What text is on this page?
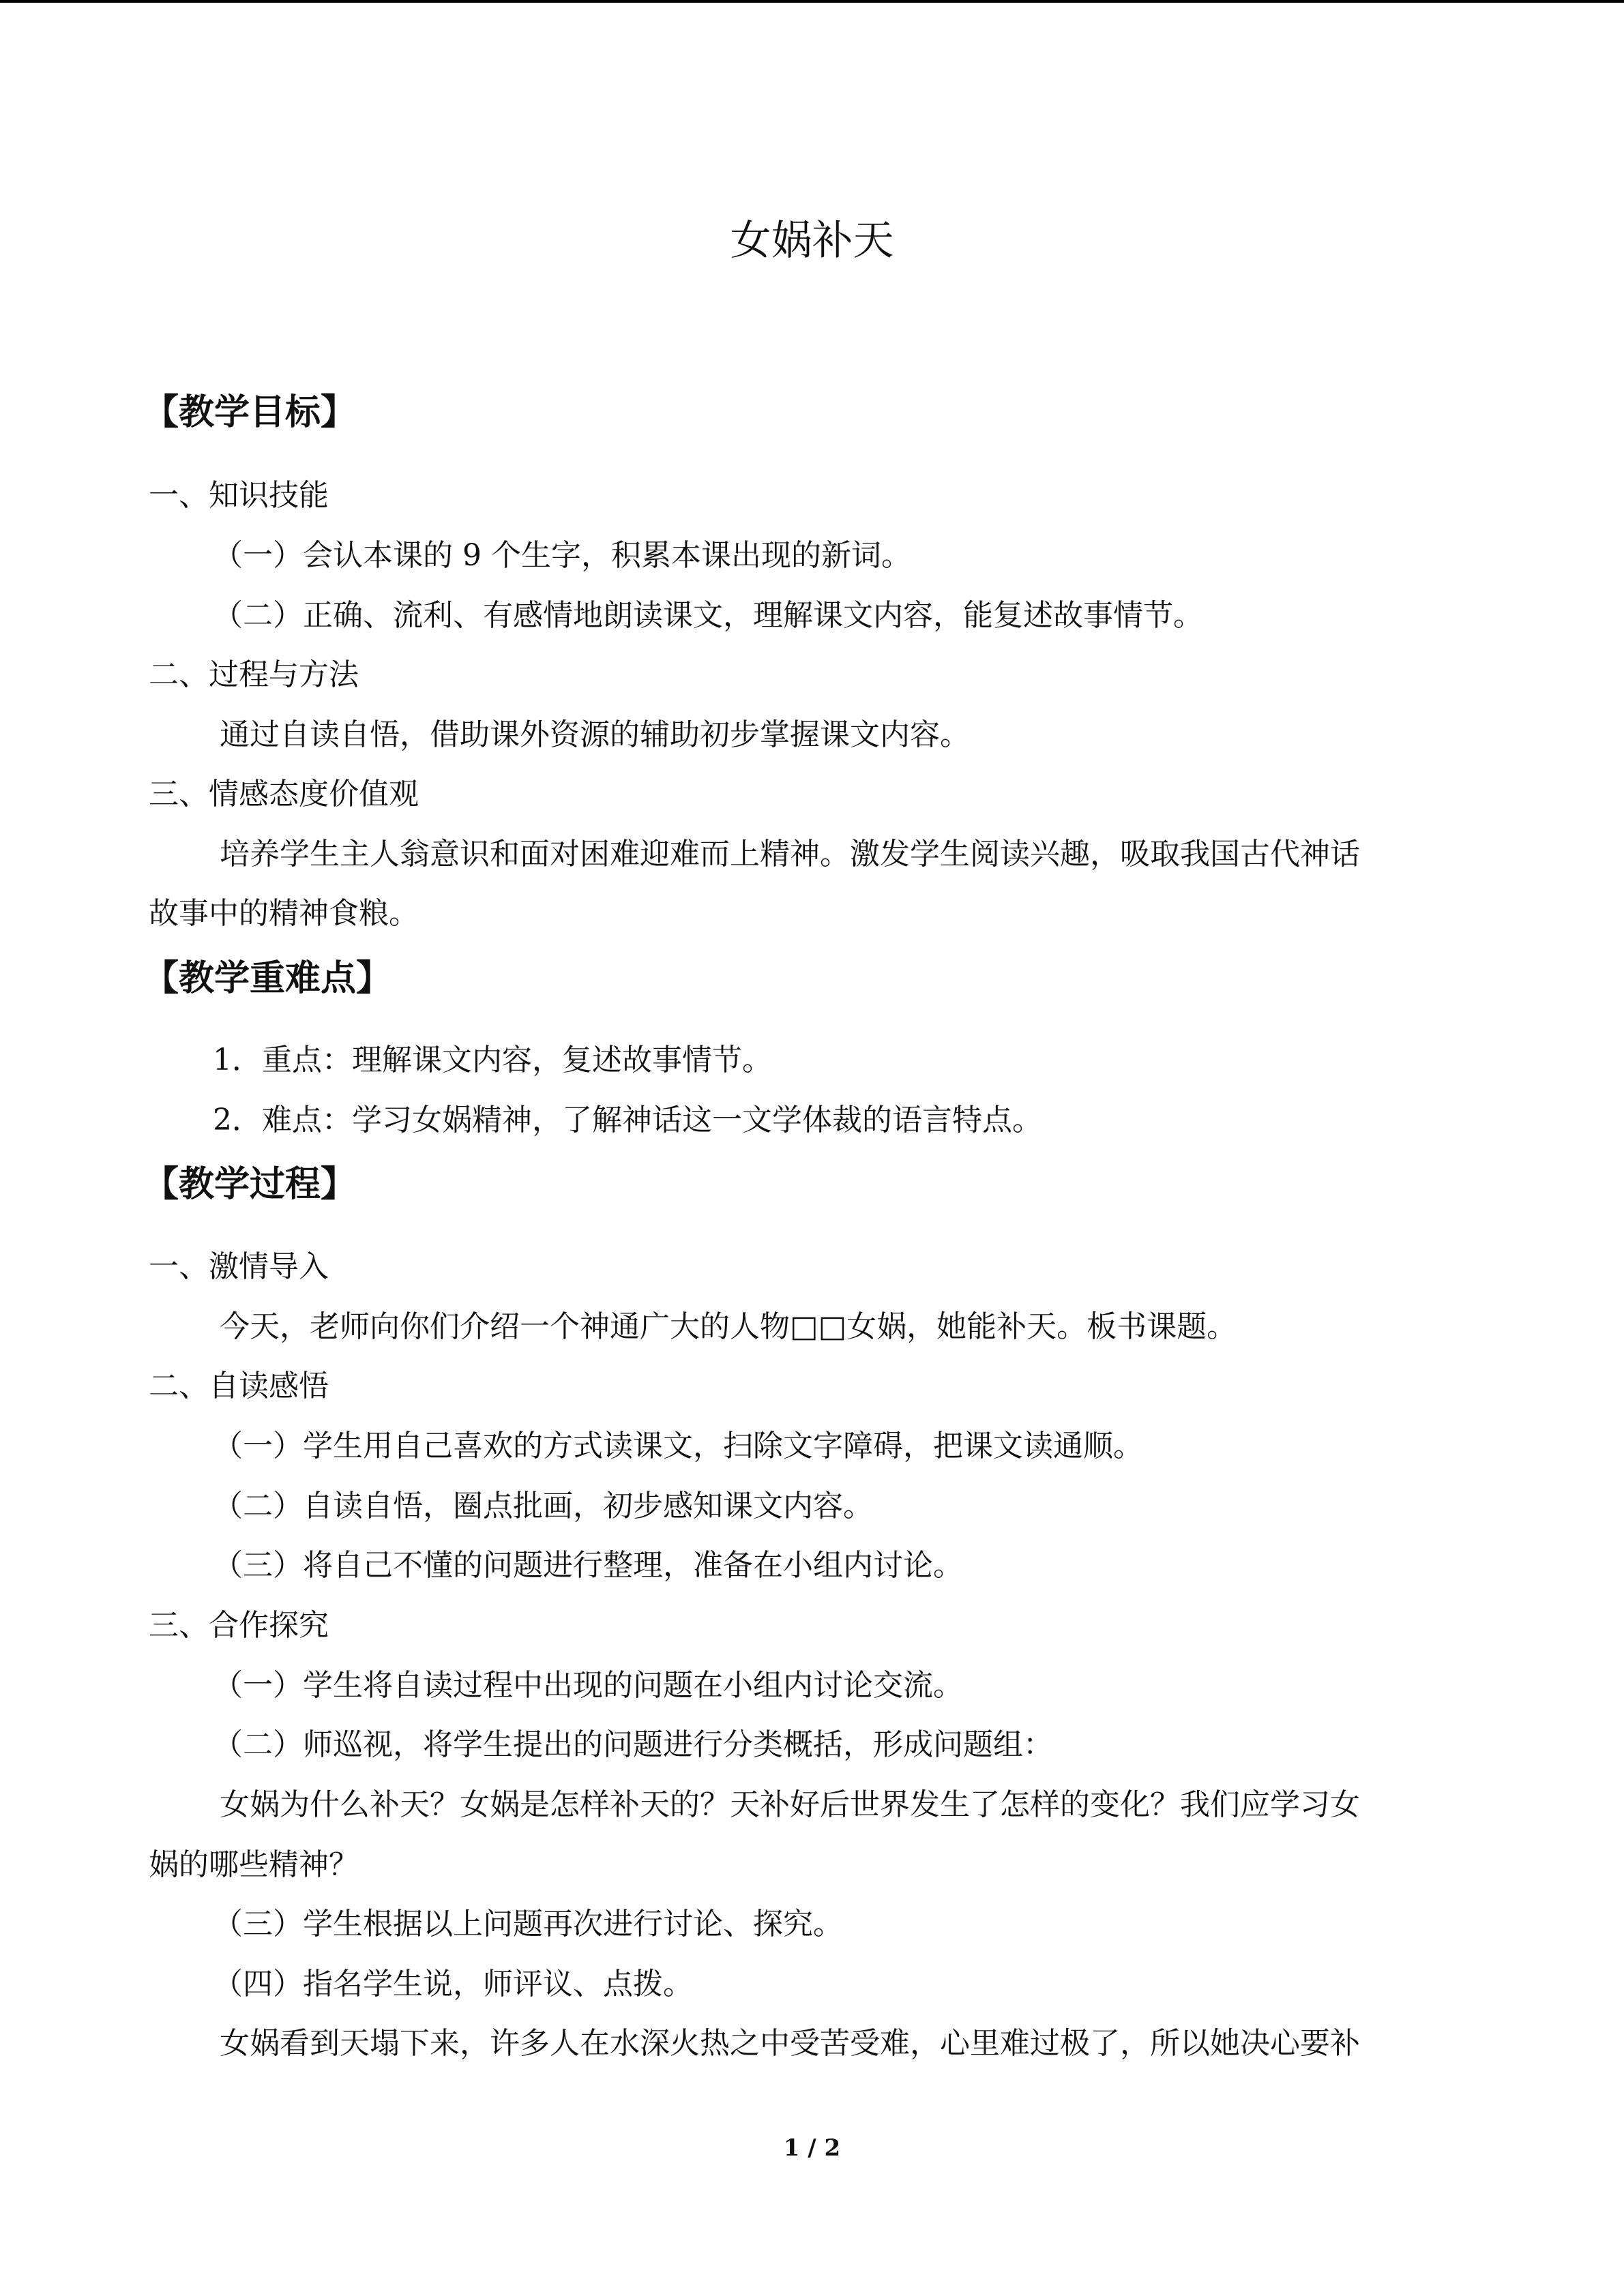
女娲补天
【教学目标】
一、知识技能
（一）会认本课的 9 个生字，积累本课出现的新词。
（二）正确、流利、有感情地朗读课文，理解课文内容，能复述故事情节。
二、过程与方法
通过自读自悟，借助课外资源的辅助初步掌握课文内容。
三、情感态度价值观
培养学生主人翁意识和面对困难迎难而上精神。激发学生阅读兴趣，吸取我国古代神话
故事中的精神食粮。
【教学重难点】
1．重点：理解课文内容，复述故事情节。
2．难点：学习女娲精神，了解神话这一文学体裁的语言特点。
【教学过程】
一、激情导入
今天，老师向你们介绍一个神通广大的人物□□女娲，她能补天。板书课题。
二、自读感悟
（一）学生用自己喜欢的方式读课文，扫除文字障碍，把课文读通顺。
（二）自读自悟，圈点批画，初步感知课文内容。
（三）将自己不懂的问题进行整理，准备在小组内讨论。
三、合作探究
（一）学生将自读过程中出现的问题在小组内讨论交流。
（二）师巡视，将学生提出的问题进行分类概括，形成问题组：
女娲为什么补天？女娲是怎样补天的？天补好后世界发生了怎样的变化？我们应学习女
娲的哪些精神？
（三）学生根据以上问题再次进行讨论、探究。
（四）指名学生说，师评议、点拨。
女娲看到天塌下来，许多人在水深火热之中受苦受难，心里难过极了，所以她决心要补
1 / 2
